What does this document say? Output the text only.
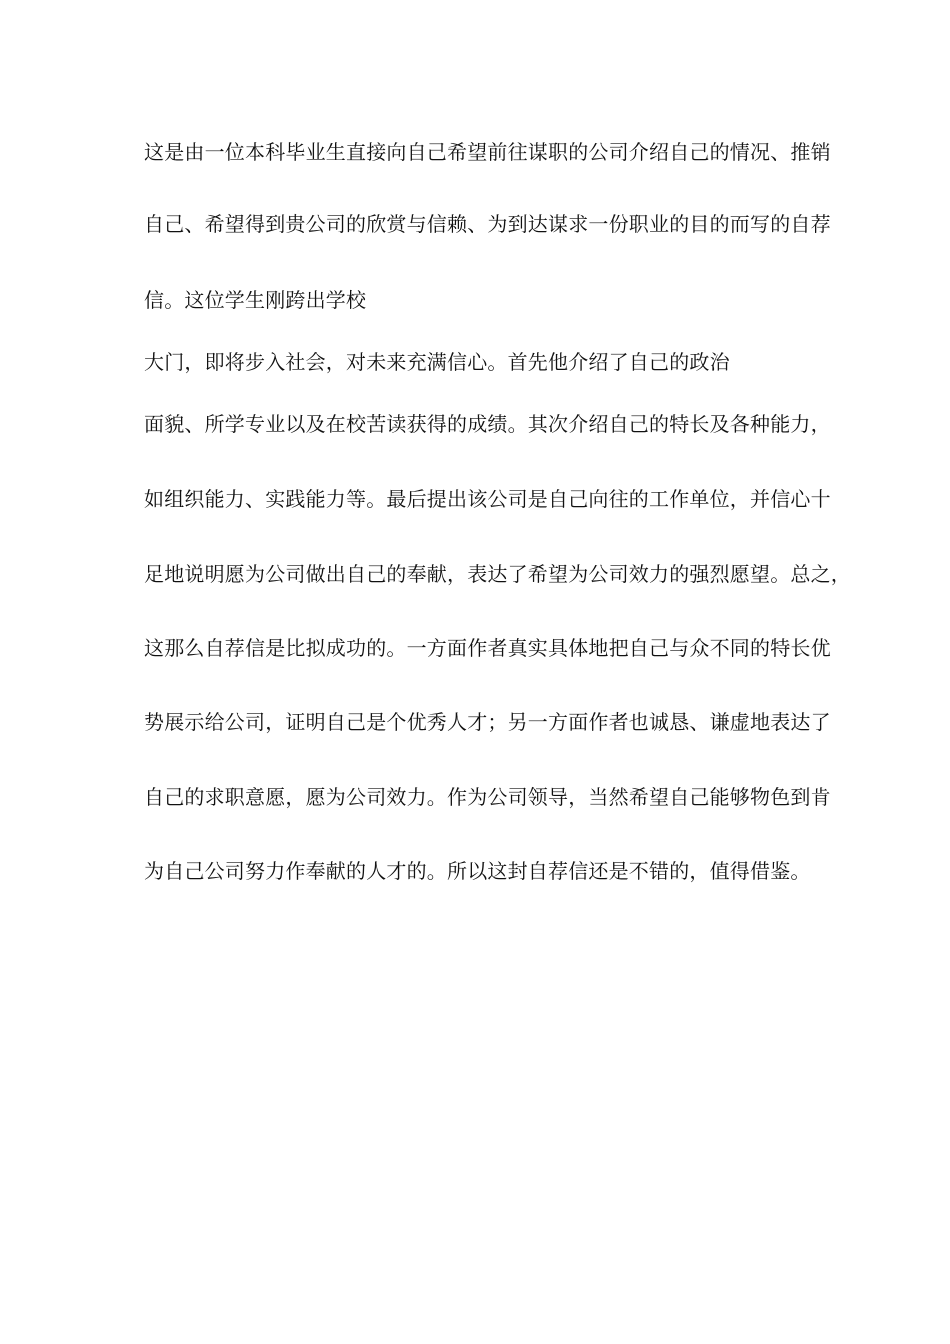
这是由一位本科毕业生直接向自己希望前往谋职的公司介绍自己的情况、推销
自己、希望得到贵公司的欣赏与信赖、为到达谋求一份职业的目的而写的自荐
信。这位学生刚跨出学校
大门，即将步入社会，对未来充满信心。首先他介绍了自己的政治
面貌、所学专业以及在校苦读获得的成绩。其次介绍自己的特长及各种能力，
如组织能力、实践能力等。最后提出该公司是自己向往的工作单位，并信心十
足地说明愿为公司做出自己的奉献，表达了希望为公司效力的强烈愿望。总之，
这那么自荐信是比拟成功的。一方面作者真实具体地把自己与众不同的特长优
势展示给公司，证明自己是个优秀人才；另一方面作者也诚恳、谦虚地表达了
自己的求职意愿，愿为公司效力。作为公司领导，当然希望自己能够物色到肯
为自己公司努力作奉献的人才的。所以这封自荐信还是不错的，值得借鉴。
